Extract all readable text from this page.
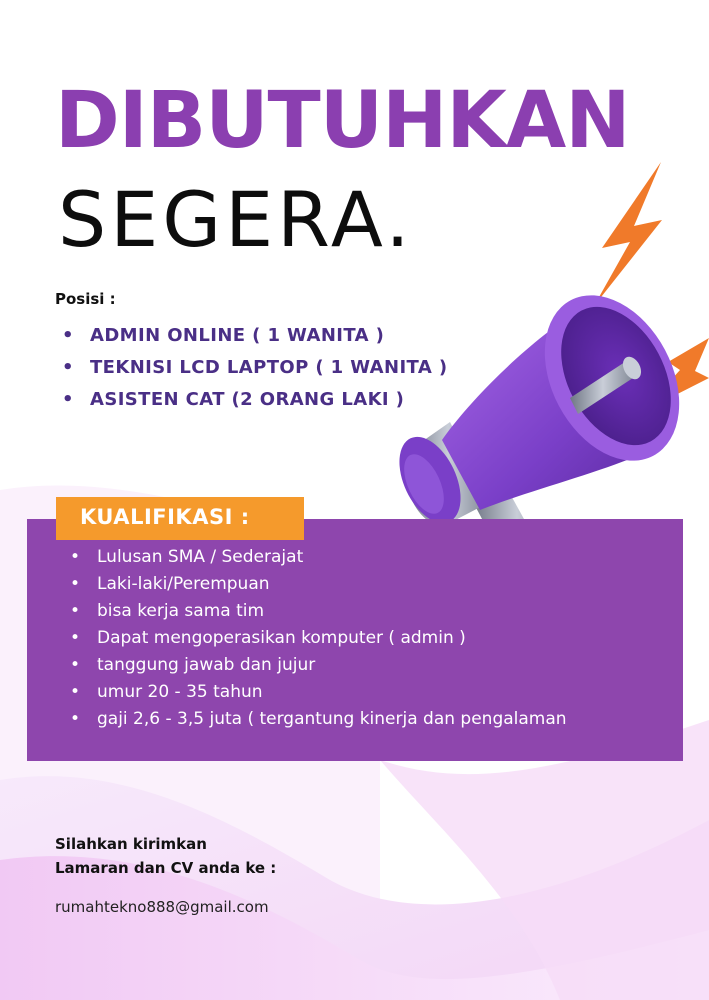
DIBUTUHKAN
SEGERA.
Posisi :
• ADMIN ONLINE ( 1 WANITA )
• TEKNISI LCD LAPTOP ( 1 WANITA )
• ASISTEN CAT (2 ORANG LAKI )
KUALIFIKASI :
• Lulusan SMA / Sederajat
• Laki-laki/Perempuan
• bisa kerja sama tim
• Dapat mengoperasikan komputer ( admin )
• tanggung jawab dan jujur
• umur 20 - 35 tahun
• gaji 2,6 - 3,5 juta ( tergantung kinerja dan pengalaman
Silahkan kirimkan
Lamaran dan CV anda ke :
rumahtekno888@gmail.com
